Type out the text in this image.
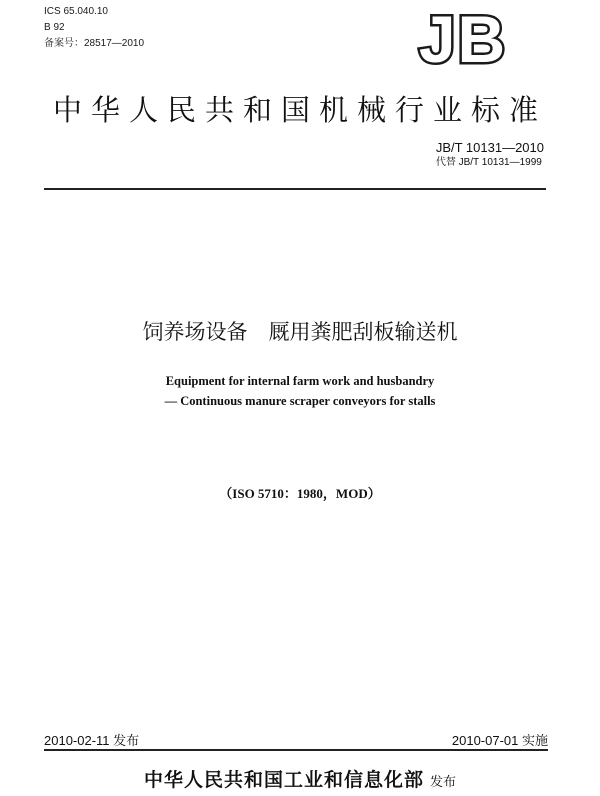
ICS 65.040.10
B 92
备案号：28517—2010	JB
中华人民共和国机械行业标准
JB/T 10131—2010
代替 JB/T 10131—1999
饲养场设备　厩用粪肥刮板输送机
Equipment for internal farm work and husbandry
— Continuous manure scraper conveyors for stalls
（ISO 5710：1980，MOD）
2010-02-11 发布	2010-07-01 实施
中华人民共和国工业和信息化部 发布
